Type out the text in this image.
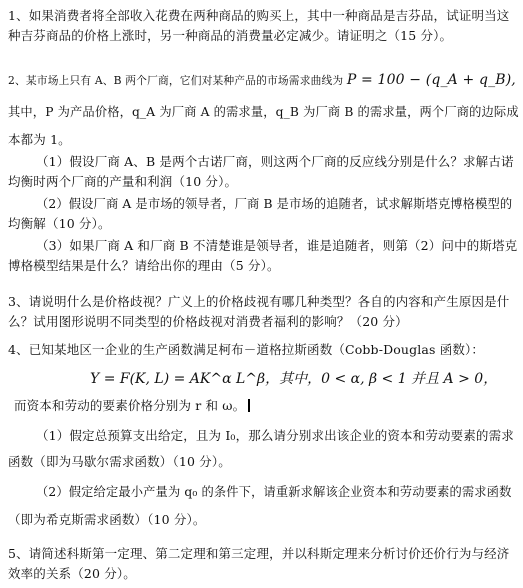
1、如果消费者将全部收入花费在两种商品的购买上，其中一种商品是吉芬品，试证明当这
种吉芬商品的价格上涨时，另一种商品的消费量必定减少。请证明之（15 分）。
2、某市场上只有 A、B 两个厂商，它们对某种产品的市场需求曲线为 P = 100 − (q_A + q_B),
其中，P 为产品价格，q_A 为厂商 A 的需求量，q_B 为厂商 B 的需求量，两个厂商的边际成
本都为 1。
（1）假设厂商 A、B 是两个古诺厂商，则这两个厂商的反应线分别是什么？求解古诺
均衡时两个厂商的产量和利润（10 分）。
（2）假设厂商 A 是市场的领导者，厂商 B 是市场的追随者，试求解斯塔克博格模型的
均衡解（10 分）。
（3）如果厂商 A 和厂商 B 不清楚谁是领导者，谁是追随者，则第（2）问中的斯塔克
博格模型结果是什么？请给出你的理由（5 分）。
3、请说明什么是价格歧视？广义上的价格歧视有哪几种类型？各自的内容和产生原因是什
么？试用图形说明不同类型的价格歧视对消费者福利的影响？（20 分）
4、已知某地区一企业的生产函数满足柯布－道格拉斯函数（Cobb-Douglas 函数）：
Y = F(K, L) = AK^α L^β，其中，0 < α, β < 1 并且 A > 0，
而资本和劳动的要素价格分别为 r 和 ω。
（1）假定总预算支出给定，且为 I₀，那么请分别求出该企业的资本和劳动要素的需求
函数（即为马歇尔需求函数）（10 分）。
（2）假定给定最小产量为 q₀ 的条件下，请重新求解该企业资本和劳动要素的需求函数
（即为希克斯需求函数）（10 分）。
5、请简述科斯第一定理、第二定理和第三定理，并以科斯定理来分析讨价还价行为与经济
效率的关系（20 分）。
